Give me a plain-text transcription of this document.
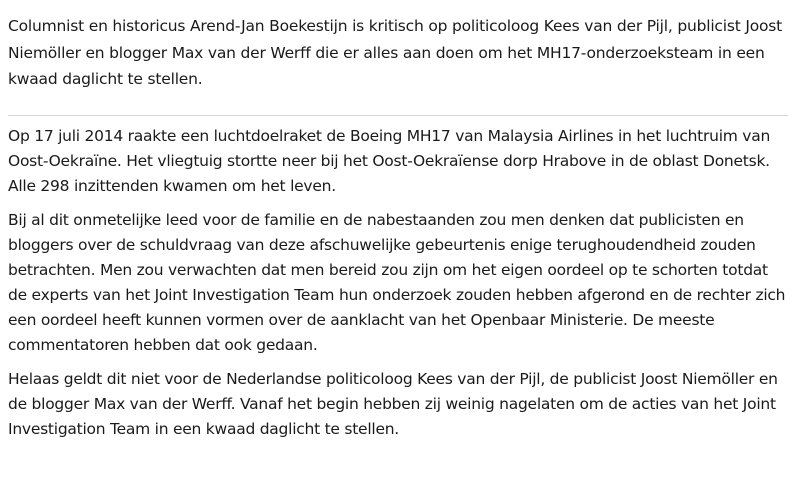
Columnist en historicus Arend-Jan Boekestijn is kritisch op politicoloog Kees van der Pijl, publicist Joost Niemöller en blogger Max van der Werff die er alles aan doen om het MH17-onderzoeksteam in een kwaad daglicht te stellen.

Op 17 juli 2014 raakte een luchtdoelraket de Boeing MH17 van Malaysia Airlines in het luchtruim van Oost-Oekraïne. Het vliegtuig stortte neer bij het Oost-Oekraïense dorp Hrabove in de oblast Donetsk. Alle 298 inzittenden kwamen om het leven.

Bij al dit onmetelijke leed voor de familie en de nabestaanden zou men denken dat publicisten en bloggers over de schuldvraag van deze afschuwelijke gebeurtenis enige terughoudendheid zouden betrachten. Men zou verwachten dat men bereid zou zijn om het eigen oordeel op te schorten totdat de experts van het Joint Investigation Team hun onderzoek zouden hebben afgerond en de rechter zich een oordeel heeft kunnen vormen over de aanklacht van het Openbaar Ministerie. De meeste commentatoren hebben dat ook gedaan.

Helaas geldt dit niet voor de Nederlandse politicoloog Kees van der Pijl, de publicist Joost Niemöller en de blogger Max van der Werff. Vanaf het begin hebben zij weinig nagelaten om de acties van het Joint Investigation Team in een kwaad daglicht te stellen.
